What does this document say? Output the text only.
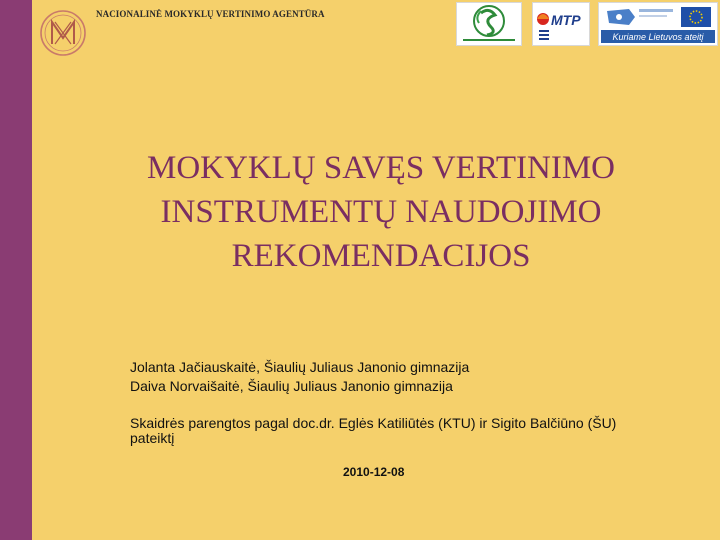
NACIONALINĖ MOKYKLŲ VERTINIMO AGENTŪRA	MTP
Kuriame Lietuvos ateitį
MOKYKLŲ SAVĘS VERTINIMO
INSTRUMENTŲ NAUDOJIMO
REKOMENDACIJOS
Jolanta Jačiauskaitė, Šiaulių Juliaus Janonio gimnazija
Daiva Norvaišaitė, Šiaulių Juliaus Janonio gimnazija
Skaidrės parengtos pagal doc.dr. Eglės Katiliūtės (KTU) ir Sigito Balčiūno (ŠU) pateiktį
2010-12-08
